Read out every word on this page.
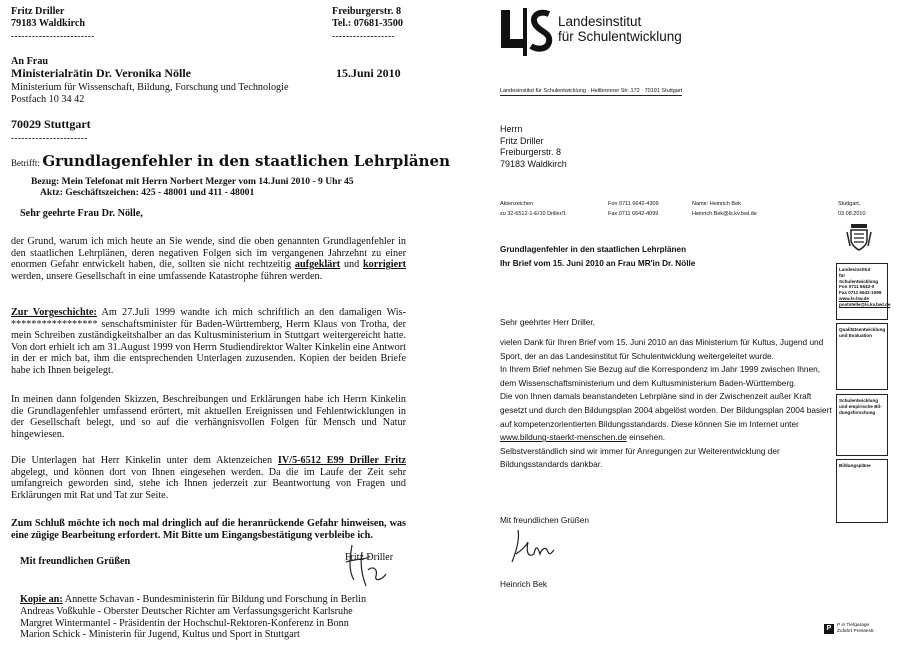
Fritz Driller
79183 Waldkirch
Freiburgerstr. 8
Tel.: 07681-3500
------------------------	------------------
An Frau
Ministerialrätin Dr. Veronika Nölle	15.Juni 2010
Ministerium für Wissenschaft, Bildung, Forschung und Technologie
Postfach 10 34 42
70029 Stuttgart
----------------------
Betrifft: Grundlagenfehler in den staatlichen Lehrplänen
Bezug: Mein Telefonat mit Herrn Norbert Mezger vom 14.Juni 2010 - 9 Uhr 45
Aktz: Geschäftszeichen: 425 - 48001 und 411 - 48001
Sehr geehrte Frau Dr. Nölle,
der Grund, warum ich mich heute an Sie wende, sind die oben genannten Grundlagenfehler in den staatlichen Lehrplänen, deren negativen Folgen sich im vergangenen Jahrzehnt zu einer enormen Gefahr entwickelt haben, die, sollten sie nicht rechtzeitig aufgeklärt und korrigiert werden, unsere Gesellschaft in eine umfassende Katastrophe führen werden.
Zur Vorgeschichte: Am 27.Juli 1999 wandte ich mich schriftlich an den damaligen Wis- ***************** senschaftsminister für Baden-Württemberg, Herrn Klaus von Trotha, der mein Schreiben zuständigkeitshalber an das Kultusministerium in Stuttgart weitergereicht hatte. Von dort erhielt ich am 31.August 1999 von Herrn Studiendirektor Walter Kinkelin eine Antwort in der er mich bat, ihm die entsprechenden Unterlagen zuzusenden. Kopien der beiden Briefe habe ich Ihnen beigelegt.
In meinen dann folgenden Skizzen, Beschreibungen und Erklärungen habe ich Herrn Kinkelin die Grundlagenfehler umfassend erörtert, mit aktuellen Ereignissen und Fehlentwicklungen in der Gesellschaft belegt, und so auf die verhängnisvollen Folgen für Mensch und Natur hingewiesen.
Die Unterlagen hat Herr Kinkelin unter dem Aktenzeichen IV/5-6512 E99 Driller Fritz abgelegt, und können dort von Ihnen eingesehen werden. Da die im Laufe der Zeit sehr umfangreich geworden sind, stehe ich Ihnen jederzeit zur Beantwortung von Fragen und Erklärungen mit Rat und Tat zur Seite.
Zum Schluß möchte ich noch mal dringlich auf die heranrückende Gefahr hinweisen, was eine zügige Bearbeitung erfordert. Mit Bitte um Eingangsbestätigung verbleibe ich.
Mit freundlichen Grüßen	Fritz Driller
Kopie an: Annette Schavan - Bundesministerin für Bildung und Forschung in Berlin
Andreas Voßkuhle - Oberster Deutscher Richter am Verfassungsgericht Karlsruhe
Margret Wintermantel - Präsidentin der Hochschul-Rektoren-Konferenz in Bonn
Marion Schick - Ministerin für Jugend, Kultus und Sport in Stuttgart
Landesinstitut
für Schulentwicklung
Landesinstitut für Schulentwicklung · Heilbronner Str. 172 · 70191 Stuttgart
Herrn
Fritz Driller
Freiburgerstr. 8
79183 Waldkirch
Aktenzeichen
zu 32-6512-1-E/10 Driller/1
Fon 0711 6642-4309
Fax 0711 6642-4099
Name: Heinrich Bek
Heinrich.Bek@ls.kv.bwl.de
Stuttgart,
03.08.2010
Grundlagenfehler in den staatlichen Lehrplänen
Ihr Brief vom 15. Juni 2010 an Frau MR'in Dr. Nölle
Sehr geehrter Herr Driller,
vielen Dank für Ihren Brief vom 15. Juni 2010 an das Ministerium für Kultus, Jugend und Sport, der an das Landesinstitut für Schulentwicklung weitergeleitet wurde.
In Ihrem Brief nehmen Sie Bezug auf die Korrespondenz im Jahr 1999 zwischen Ihnen, dem Wissenschaftsministerium und dem Kultusministerium Baden-Württemberg.
Die von Ihnen damals beanstandeten Lehrpläne sind in der Zwischenzeit außer Kraft gesetzt und durch den Bildungsplan 2004 abgelöst worden. Der Bildungsplan 2004 basiert auf kompetenzorientierten Bildungsstandards. Diese können Sie im Internet unter
www.bildung-staerkt-menschen.de einsehen.
Selbstverständlich sind wir immer für Anregungen zur Weiterentwicklung der Bildungsstandards dankbar.
Mit freundlichen Grüßen
Heinrich Bek
Landesinstitut
für Schulentwicklung
Fon 0711 6642-0
Fax 0711 6642-1099
www.ls-bw.de
poststelle@ls.kv.bwl.de
Qualitätsentwicklung
und Evaluation
Schulentwicklung
und empirische Bil-
dungsforschung
Bildungspläne
P	P in Tiefgarage
Zufahrt Pressestr.
